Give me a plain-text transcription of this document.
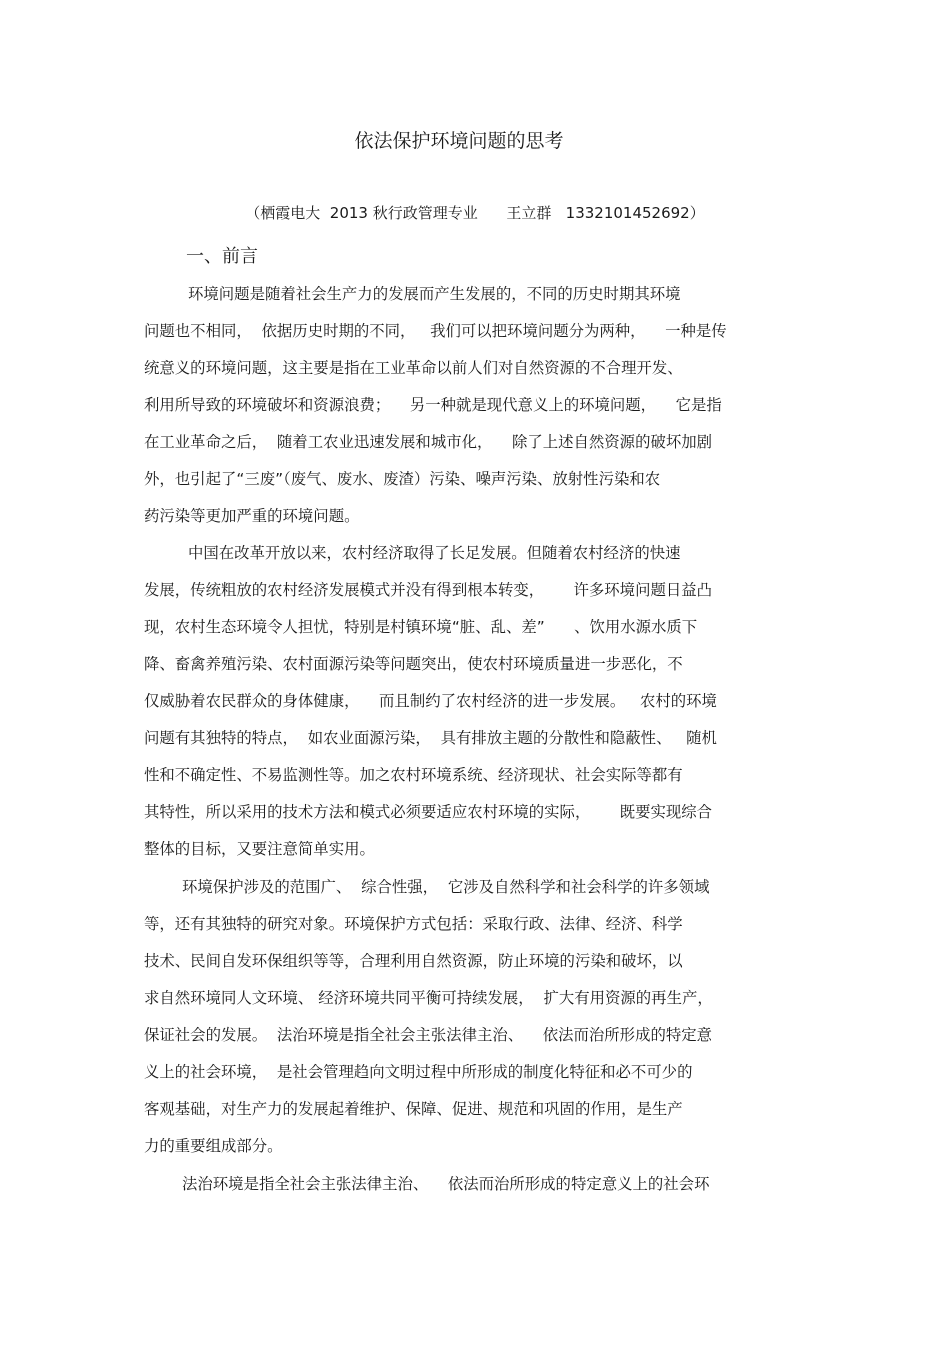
依法保护环境问题的思考
（栖霞电大  2013 秋行政管理专业      王立群   13321014526​92）
一、前言
环境问题是随着社会生产力的发展而产生发展的，不同的历史时期其环境
问题也不相同，  依据历史时期的不同，   我们可以把环境问题分为两种，    一种是传
统意义的环境问题，这主要是指在工业革命以前人们对自然资源的不合理开发、
利用所导致的环境破坏和资源浪费；    另一种就是现代意义上的环境问题，    它是指
在工业革命之后，  随着工农业迅速发展和城市化，    除了上述自然资源的破坏加剧
外，也引起了“三废”（废气、废水、废渣）污染、噪声污染、放射性污染和农
药污染等更加严重的环境问题。
中国在改革开放以来，农村经济取得了长足发展。但随着农村经济的快速
发展，传统粗放的农村经济发展模式并没有得到根本转变，      许多环境问题日益凸
现，农村生态环境令人担忧，特别是村镇环境“脏、乱、差”      、饮用水源水质下
降、畜禽养殖污染、农村面源污染等问题突出，使农村环境质量进一步恶化，不
仅威胁着农民群众的身体健康，    而且制约了农村经济的进一步发展。   农村的环境
问题有其独特的特点，  如农业面源污染，  具有排放主题的分散性和隐蔽性、   随机
性和不确定性、不易监测性等。加之农村环境系统、经济现状、社会实际等都有
其特性，所以采用的技术方法和模式必须要适应农村环境的实际，      既要实现综合
整体的目标，又要注意简单实用。
环境保护涉及的范围广、  综合性强，  它涉及自然科学和社会科学的许多领域
等，还有其独特的研究对象。环境保护方式包括：采取行政、法律、经济、科学
技术、民间自发环保组织等等，合理利用自然资源，防止环境的污染和破坏，以
求自然环境同人文环境、 经济环境共同平衡可持续发展，  扩大有用资源的再生产，
保证社会的发展。  法治环境是指全社会主张法律主治、    依法而治所形成的特定意
义上的社会环境，  是社会管理趋向文明过程中所形成的制度化特征和必不可少的
客观基础，对生产力的发展起着维护、保障、促进、规范和巩固的作用，是生产
力的重要组成部分。
法治环境是指全社会主张法律主治、    依法而治所形成的特定意义上的社会环
